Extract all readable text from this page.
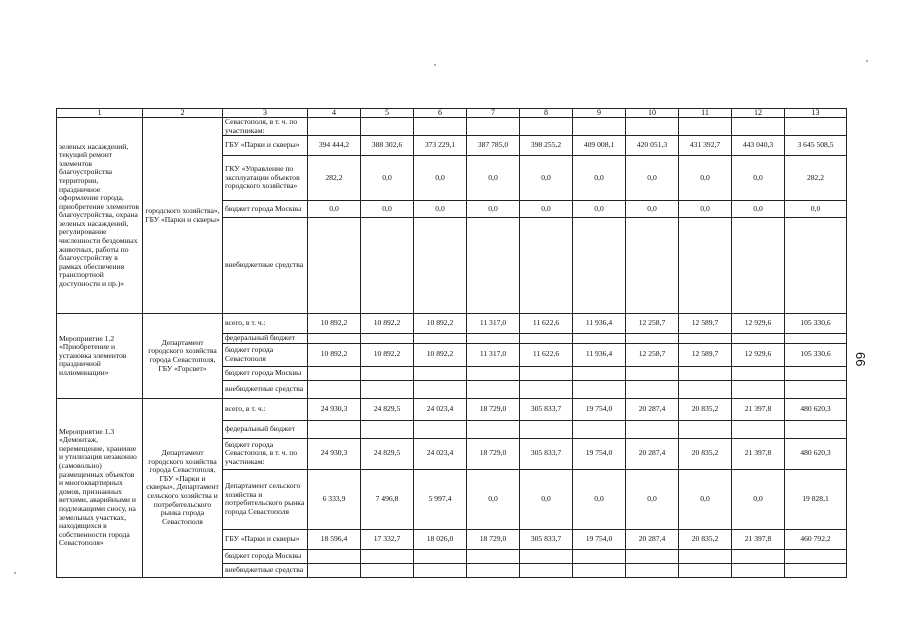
1	2	3	4	5	6	7	8	9	10	11	12	13
зеленых насаждений, текущий ремонт элементов благоустройства территории, праздничное оформление города, приобретение элементов благоустройства, охрана зеленых насаждений, регулирование численности бездомных животных, работы по благоустройству в рамках обеспечения транспортной доступности и пр.)»	городского хозяйства», ГБУ «Парки и скверы»	Севастополя, в т. ч. по участникам:										
		ГБУ «Парки и скверы»	394 444,2	388 302,6	373 229,1	387 785,0	398 255,2	409 008,1	420 051,3	431 392,7	443 040,3	3 645 508,5
		ГКУ «Управление по эксплуатации объектов городского хозяйства»	282,2	0,0	0,0	0,0	0,0	0,0	0,0	0,0	0,0	282,2
		бюджет города Москвы	0,0	0,0	0,0	0,0	0,0	0,0	0,0	0,0	0,0	0,0
		внебюджетные средства										
Мероприятие 1.2 «Приобретение и установка элементов праздничной иллюминации»	Департамент городского хозяйства города Севастополя, ГБУ «Горсвет»	всего, в т. ч.:	10 892,2	10 892,2	10 892,2	11 317,0	11 622,6	11 936,4	12 258,7	12 589,7	12 929,6	105 330,6
		федеральный бюджет										
		бюджет города Севастополя	10 892,2	10 892,2	10 892,2	11 317,0	11 622,6	11 936,4	12 258,7	12 589,7	12 929,6	105 330,6
		бюджет города Москвы										
		внебюджетные средства										
Мероприятие 1.3 «Демонтаж, перемещение, хранение и утилизация незаконно (самовольно) размещенных объектов и многоквартирных домов, признанных ветхими, аварийными и подлежащими сносу, на земельных участках, находящихся в собственности города Севастополя»	Департамент городского хозяйства города Севастополя, ГБУ «Парки и скверы», Департамент сельского хозяйства и потребительского рынка города Севастополя	всего, в т. ч.:	24 930,3	24 829,5	24 023,4	18 729,0	305 833,7	19 754,0	20 287,4	20 835,2	21 397,8	480 620,3
		федеральный бюджет										
		бюджет города Севастополя, в т. ч. по участникам:	24 930,3	24 829,5	24 023,4	18 729,0	305 833,7	19 754,0	20 287,4	20 835,2	21 397,8	480 620,3
		Департамент сельского хозяйства и потребительского рынка города Севастополя	6 333,9	7 496,8	5 997,4	0,0	0,0	0,0	0,0	0,0	0,0	19 828,1
		ГБУ «Парки и скверы»	18 596,4	17 332,7	18 026,0	18 729,0	305 833,7	19 754,0	20 287,4	20 835,2	21 397,8	460 792,2
		бюджет города Москвы										
		внебюджетные средства										
66
